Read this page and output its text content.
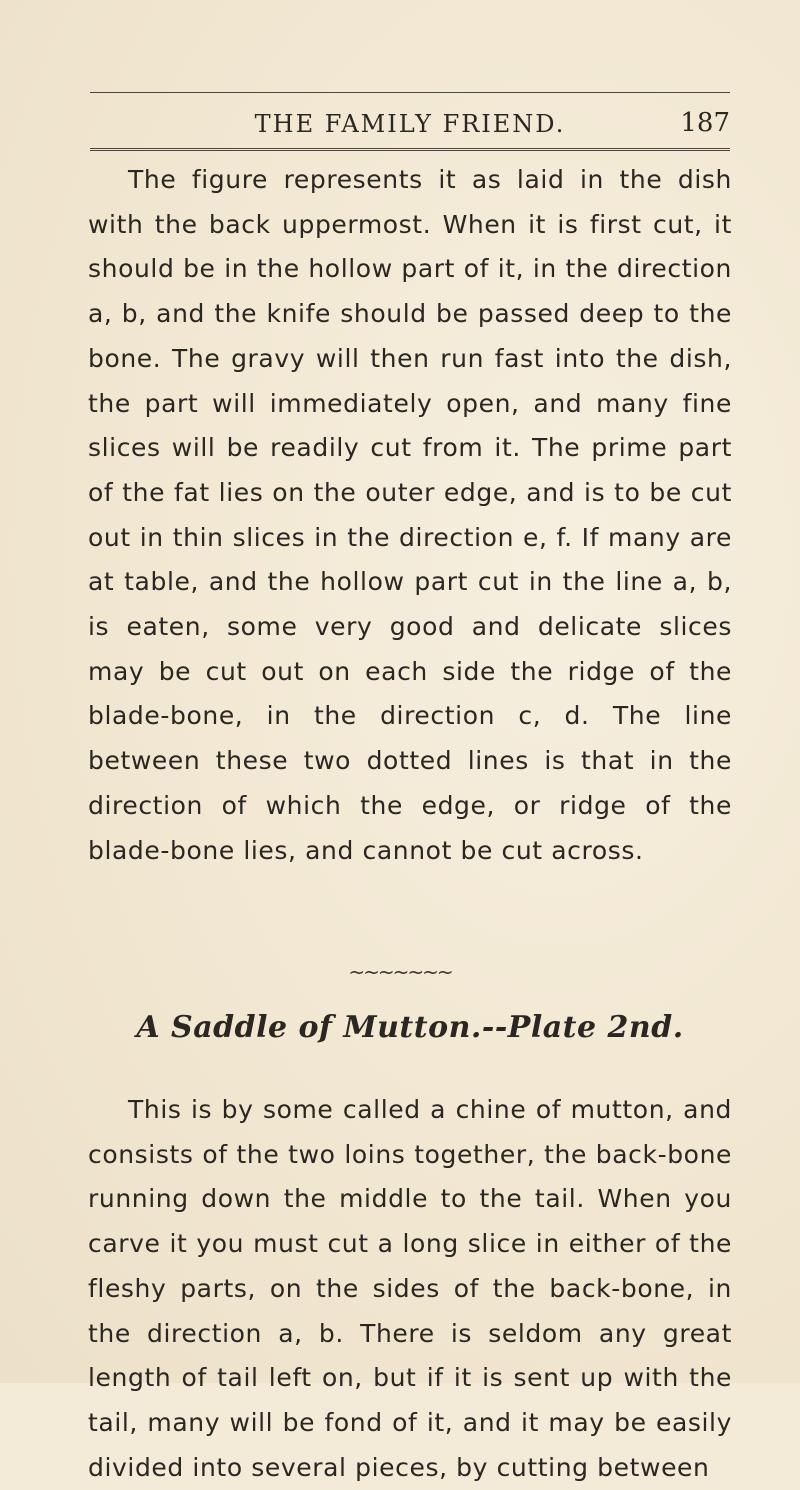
THE FAMILY FRIEND.	187

The figure represents it as laid in the dish with the back uppermost. When it is first cut, it should be in the hollow part of it, in the direction a, b, and the knife should be passed deep to the bone. The gravy will then run fast into the dish, the part will immediately open, and many fine slices will be readily cut from it. The prime part of the fat lies on the outer edge, and is to be cut out in thin slices in the direction e, f. If many are at table, and the hollow part cut in the line a, b, is eaten, some very good and delicate slices may be cut out on each side the ridge of the blade-bone, in the direction c, d. The line between these two dotted lines is that in the direction of which the edge, or ridge of the blade-bone lies, and cannot be cut across.

~~~~~~~
A Saddle of Mutton.--Plate 2nd.

This is by some called a chine of mutton, and consists of the two loins together, the back-bone running down the middle to the tail. When you carve it you must cut a long slice in either of the fleshy parts, on the sides of the back-bone, in the direction a, b. There is seldom any great length of tail left on, but if it is sent up with the tail, many will be fond of it, and it may be easily divided into several pieces, by cutting between
